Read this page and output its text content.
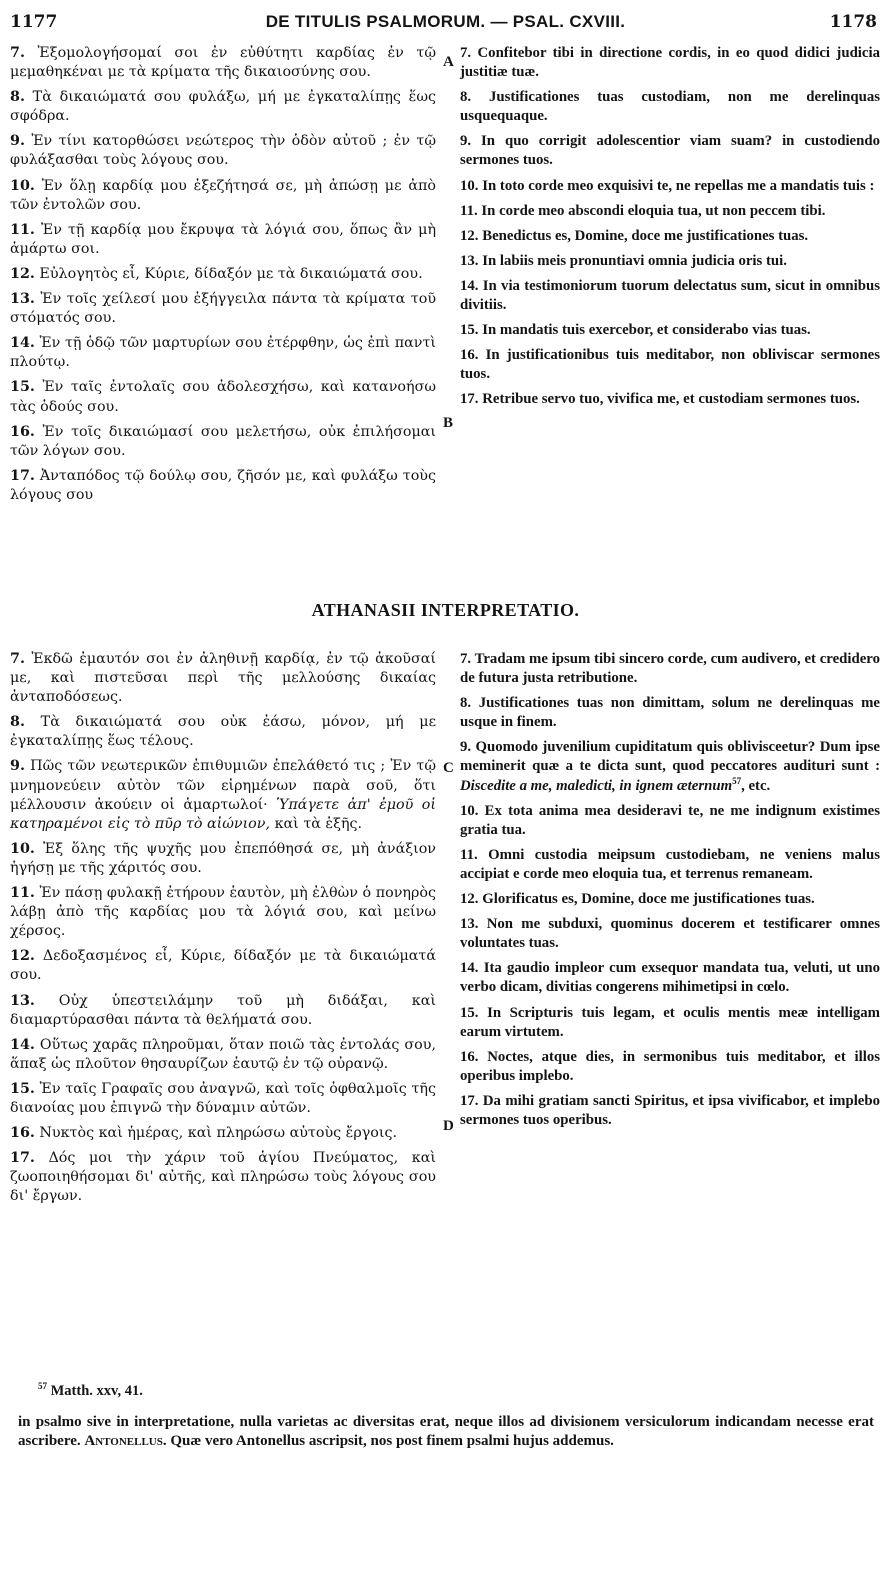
1177	DE TITULIS PSALMORUM. — PSAL. CXVIII.	1178
A
B
C
D

7. Ἐξομολογήσομαί σοι ἐν εὐθύτητι καρδίας ἐν τῷ μεμαθηκέναι με τὰ κρίματα τῆς δικαιοσύνης σου.

8. Τὰ δικαιώματά σου φυλάξω, μή με ἐγκαταλίπῃς ἕως σφόδρα.

9. Ἐν τίνι κατορθώσει νεώτερος τὴν ὁδὸν αὐτοῦ ; ἐν τῷ φυλάξασθαι τοὺς λόγους σου.

10. Ἐν ὅλῃ καρδίᾳ μου ἐξεζήτησά σε, μὴ ἀπώσῃ με ἀπὸ τῶν ἐντολῶν σου.

11. Ἐν τῇ καρδίᾳ μου ἔκρυψα τὰ λόγιά σου, ὅπως ἂν μὴ ἁμάρτω σοι.

12. Εὐλογητὸς εἶ, Κύριε, δίδαξόν με τὰ δικαιώματά σου.

13. Ἐν τοῖς χείλεσί μου ἐξήγγειλα πάντα τὰ κρίματα τοῦ στόματός σου.

14. Ἐν τῇ ὁδῷ τῶν μαρτυρίων σου ἐτέρφθην, ὡς ἐπὶ παντὶ πλούτῳ.

15. Ἐν ταῖς ἐντολαῖς σου ἀδολεσχήσω, καὶ κατανοήσω τὰς ὁδούς σου.

16. Ἐν τοῖς δικαιώμασί σου μελετήσω, οὐκ ἐπιλήσομαι τῶν λόγων σου.

17. Ἀνταπόδος τῷ δούλῳ σου, ζῆσόν με, καὶ φυλάξω τοὺς λόγους σου

7. Confitebor tibi in directione cordis, in eo quod didici judicia justitiæ tuæ.

8. Justificationes tuas custodiam, non me derelinquas usquequaque.

9. In quo corrigit adolescentior viam suam? in custodiendo sermones tuos.

10. In toto corde meo exquisivi te, ne repellas me a mandatis tuis :

11. In corde meo abscondi eloquia tua, ut non peccem tibi.

12. Benedictus es, Domine, doce me justificationes tuas.

13. In labiis meis pronuntiavi omnia judicia oris tui.

14. In via testimoniorum tuorum delectatus sum, sicut in omnibus divitiis.

15. In mandatis tuis exercebor, et considerabo vias tuas.

16. In justificationibus tuis meditabor, non obliviscar sermones tuos.

17. Retribue servo tuo, vivifica me, et custodiam sermones tuos.

ATHANASII INTERPRETATIO.

7. Ἐκδῶ ἐμαυτόν σοι ἐν ἀληθινῇ καρδίᾳ, ἐν τῷ ἀκοῦσαί με, καὶ πιστεῦσαι περὶ τῆς μελλούσης δικαίας ἀνταποδόσεως.

8. Τὰ δικαιώματά σου οὐκ ἐάσω, μόνον, μή με ἐγκαταλίπῃς ἕως τέλους.

9. Πῶς τῶν νεωτερικῶν ἐπιθυμιῶν ἐπελάθετό τις ; Ἐν τῷ μνημονεύειν αὐτὸν τῶν εἰρημένων παρὰ σοῦ, ὅτι μέλλουσιν ἀκούειν οἱ ἁμαρτωλοί· Ὑπάγετε ἀπ' ἐμοῦ οἱ κατηραμένοι εἰς τὸ πῦρ τὸ αἰώνιον, καὶ τὰ ἑξῆς.

10. Ἐξ ὅλης τῆς ψυχῆς μου ἐπεπόθησά σε, μὴ ἀνάξιον ἡγήσῃ με τῆς χάριτός σου.

11. Ἐν πάσῃ φυλακῇ ἐτήρουν ἑαυτὸν, μὴ ἐλθὼν ὁ πονηρὸς λάβῃ ἀπὸ τῆς καρδίας μου τὰ λόγιά σου, καὶ μείνω χέρσος.

12. Δεδοξασμένος εἶ, Κύριε, δίδαξόν με τὰ δικαιώματά σου.

13. Οὐχ ὑπεστειλάμην τοῦ μὴ διδάξαι, καὶ διαμαρτύρασθαι πάντα τὰ θελήματά σου.

14. Οὕτως χαρᾶς πληροῦμαι, ὅταν ποιῶ τὰς ἐντολάς σου, ἅπαξ ὡς πλοῦτον θησαυρίζων ἑαυτῷ ἐν τῷ οὐρανῷ.

15. Ἐν ταῖς Γραφαῖς σου ἀναγνῶ, καὶ τοῖς ὀφθαλμοῖς τῆς διανοίας μου ἐπιγνῶ τὴν δύναμιν αὐτῶν.

16. Νυκτὸς καὶ ἡμέρας, καὶ πληρώσω αὐτοὺς ἔργοις.

17. Δός μοι τὴν χάριν τοῦ ἁγίου Πνεύματος, καὶ ζωοποιηθήσομαι δι' αὐτῆς, καὶ πληρώσω τοὺς λόγους σου δι' ἔργων.

7. Tradam me ipsum tibi sincero corde, cum audivero, et credidero de futura justa retributione.

8. Justificationes tuas non dimittam, solum ne derelinquas me usque in finem.

9. Quomodo juvenilium cupiditatum quis oblivisceetur? Dum ipse meminerit quæ a te dicta sunt, quod peccatores audituri sunt : Discedite a me, maledicti, in ignem æternum$^{57}$, etc.

10. Ex tota anima mea desideravi te, ne me indignum existimes gratia tua.

11. Omni custodia meipsum custodiebam, ne veniens malus accipiat e corde meo eloquia tua, et terrenus remaneam.

12. Glorificatus es, Domine, doce me justificationes tuas.

13. Non me subduxi, quominus docerem et testificarer omnes voluntates tuas.

14. Ita gaudio impleor cum exsequor mandata tua, veluti, ut uno verbo dicam, divitias congerens mihimetipsi in cœlo.

15. In Scripturis tuis legam, et oculis mentis meæ intelligam earum virtutem.

16. Noctes, atque dies, in sermonibus tuis meditabor, et illos operibus implebo.

17. Da mihi gratiam sancti Spiritus, et ipsa vivificabor, et implebo sermones tuos operibus.

$^{57}$ Matth. xxv, 41.
in psalmo sive in interpretatione, nulla varietas ac diversitas erat, neque illos ad divisionem versiculorum indicandam necesse erat ascribere. Antonellus. Quæ vero Antonellus ascripsit, nos post finem psalmi hujus addemus.
